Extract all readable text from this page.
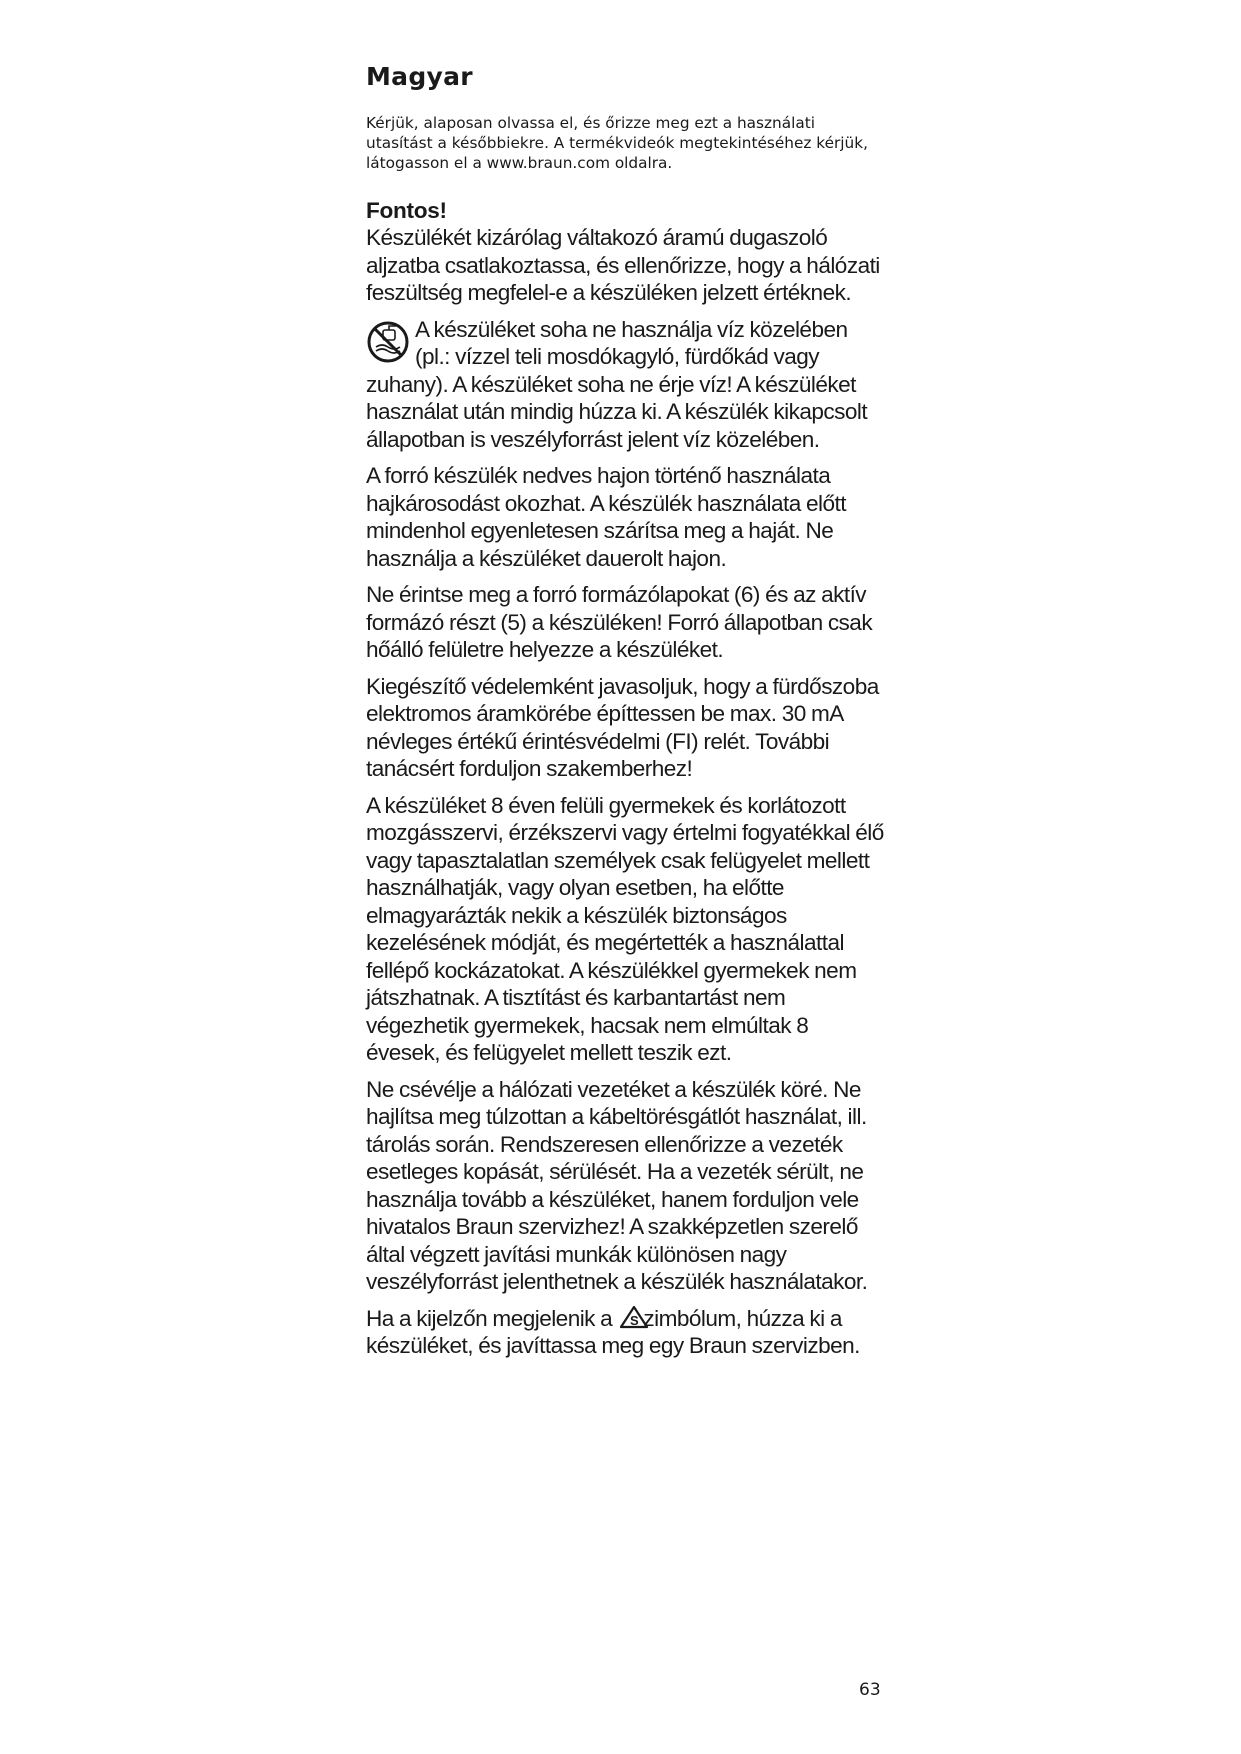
Magyar

Kérjük, alaposan olvassa el, és őrizze meg ezt a használati utasítást a későbbiekre. A termékvideók megtekintéséhez kérjük, látogasson el a www.braun.com oldalra.

Fontos!

Készülékét kizárólag váltakozó áramú dugaszoló aljzatba csatlakoztassa, és ellenőrizze, hogy a hálózati feszültség megfelel-e a készüléken jelzett értéknek.

A készüléket soha ne használja víz közelében (pl.: vízzel teli mosdókagyló, fürdőkád vagy zuhany). A készüléket soha ne érje víz! A készüléket használat után mindig húzza ki. A készülék kikapcsolt állapotban is veszélyforrást jelent víz közelében.

A forró készülék nedves hajon történő használata hajkárosodást okozhat. A készülék használata előtt mindenhol egyenletesen szárítsa meg a haját. Ne használja a készüléket dauerolt hajon.

Ne érintse meg a forró formázólapokat (6) és az aktív formázó részt (5) a készüléken! Forró állapotban csak hőálló felületre helyezze a készüléket.

Kiegészítő védelemként javasoljuk, hogy a fürdőszoba elektromos áramkörébe építtessen be max. 30 mA névleges értékű érintésvédelmi (FI) relét. További tanácsért forduljon szakemberhez!

A készüléket 8 éven felüli gyermekek és korlátozott mozgásszervi, érzékszervi vagy értelmi fogyatékkal élő vagy tapasztalatlan személyek csak felügyelet mellett használhatják, vagy olyan esetben, ha előtte elmagyarázták nekik a készülék biztonságos kezelésének módját, és megértették a használattal fellépő kockázatokat. A készülékkel gyermekek nem játszhatnak. A tisztítást és karbantartást nem végezhetik gyermekek, hacsak nem elmúltak 8 évesek, és felügyelet mellett teszik ezt.

Ne csévélje a hálózati vezetéket a készülék köré. Ne hajlítsa meg túlzottan a kábeltörésgátlót használat, ill. tárolás során. Rendszeresen ellenőrizze a vezeték esetleges kopását, sérülését. Ha a vezeték sérült, ne használja tovább a készüléket, hanem forduljon vele hivatalos Braun szervizhez! A szakképzetlen szerelő által végzett javítási munkák különösen nagy veszélyforrást jelenthetnek a készülék használatakor.

Ha a kijelzőn megjelenik a S zimbólum, húzza ki a készüléket, és javíttassa meg egy Braun szervizben.

63
